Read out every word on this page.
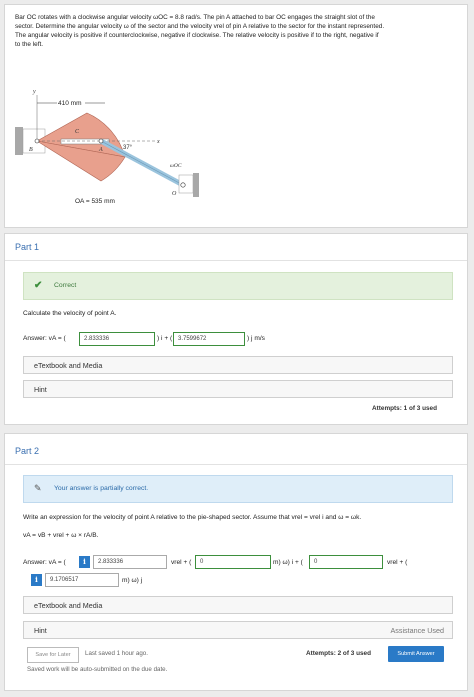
Bar OC rotates with a clockwise angular velocity ωOC = 8.8 rad/s. The pin A attached to bar OC engages the straight slot of the
sector. Determine the angular velocity ω of the sector and the velocity vrel of pin A relative to the sector for the instant represented.
The angular velocity is positive if counterclockwise, negative if clockwise. The relative velocity is positive if to the right, negative if
to the left.
410 mm
y
x
B
C
A	37°
ωOC
O
OA = 535 mm
Part 1
✔ Correct
Calculate the velocity of point A.
Answer: vA = (	2.833336	) i + ( 3.7599672	) j m/s
eTextbook and Media
Hint
Attempts: 1 of 3 used
Part 2
✎ Your answer is partially correct.
Write an expression for the velocity of point A relative to the pie-shaped sector. Assume that vrel = vrel i and ω = ωk.
vA = vB + vrel + ω × rA/B.
Answer: vA = (	i	2.833336	vrel + (	0	m) ω) i + (	0	vrel + (
i	9.1706517	m) ω) j
eTextbook and Media
Hint	Assistance Used
Save for Later	Last saved 1 hour ago.	Attempts: 2 of 3 used	Submit Answer
Saved work will be auto-submitted on the due date.
